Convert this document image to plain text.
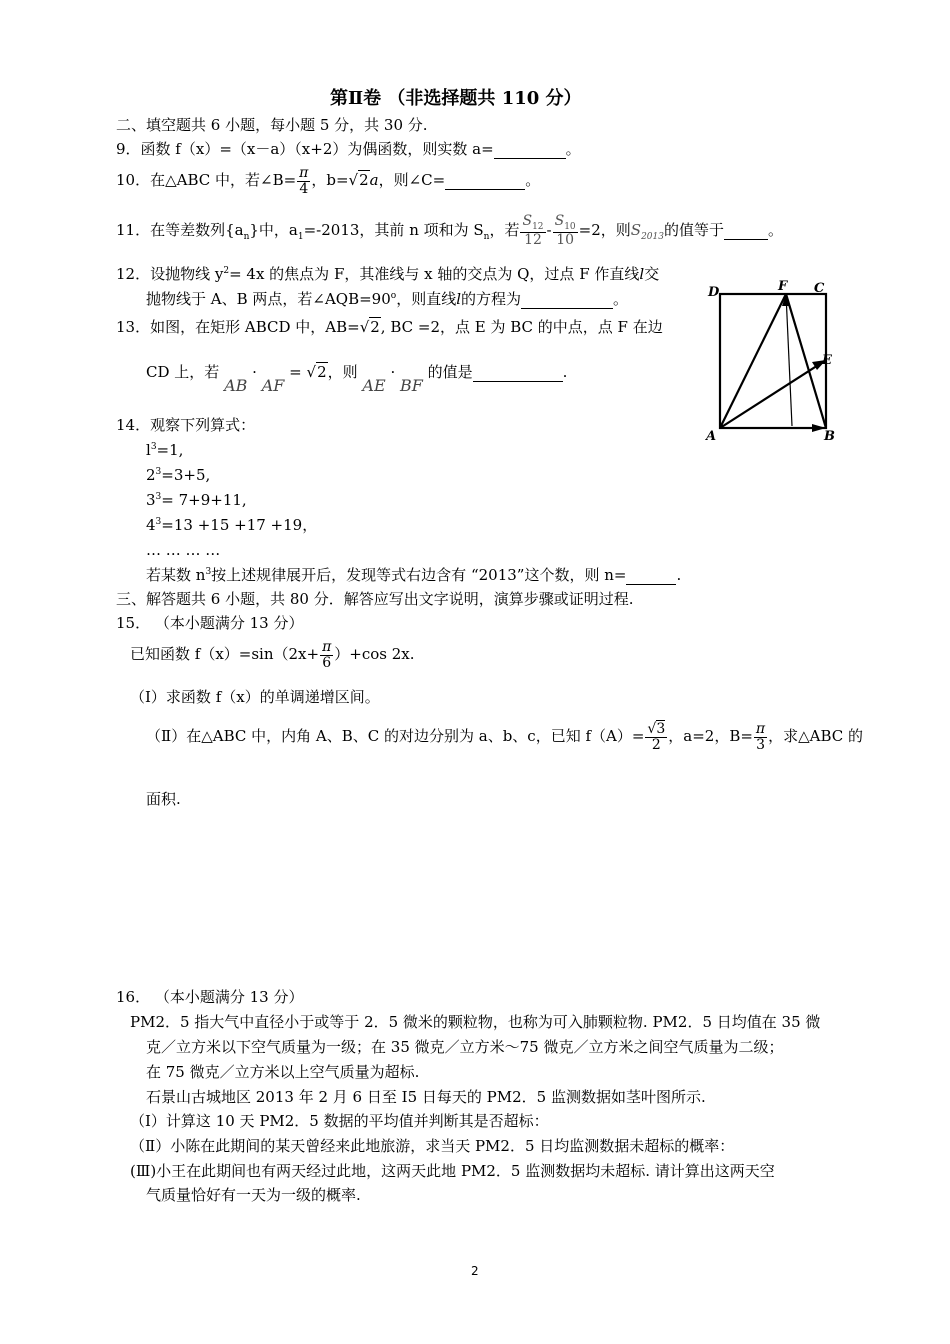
第Ⅱ卷 （非选择题共 110 分）
二、填空题共 6 小题，每小题 5 分，共 30 分.
9．函数 f（x）=（x－a）（x+2）为偶函数，则实数 a=	。
10．在△ABC 中，若∠B= $\frac{\pi}{4}$ ，b=√2a，则∠C=	。
11．在等差数列$\{a_n\}$中，$a_1=-2013$，其前 n 项和为 $S_n$，若 $\frac{S_{12}}{12} - \frac{S_{10}}{10} =2$，则$S_{2013}$的值等于	。
12．设抛物线 $y^2= 4x$ 的焦点为 F，其准线与 x 轴的交点为 Q，过点 F 作直线l交
抛物线于 A、B 两点，若$\angle AQB=90^o$，则直线l的方程为	。
13．如图，在矩形 ABCD 中，AB=√2, BC =2，点 E 为 BC 的中点，点 F 在边
CD 上，若 AB · AF = √2，则 AE · BF 的值是	.
D	F C
E
A	B
14．观察下列算式：
$l^3=1$,
$2^3=3+5$,
$3^3= 7+9+11$,
$4^3=13 +15 +17 +19$，
… … … …
若某数 $n^3$按上述规律展开后，发现等式右边含有 “2013”这个数，则 n=	.
三、解答题共 6 小题，共 80 分．解答应写出文字说明，演算步骤或证明过程.
15． （本小题满分 13 分）
已知函数 $f(x)=\sin(2x+ \frac{\pi}{6} )+\cos$ 2x.
（Ⅰ）求函数 f（x）的单调递增区间。
（Ⅱ）在△ABC 中，内角 A、B、C 的对边分别为 a、b、c，已知 $f(A)= \frac{√3}{2}$ ，a=2，$B= \frac{\pi}{3}$ ，求△ABC 的
面积.
16． （本小题满分 13 分）
PM2．5 指大气中直径小于或等于 2．5 微米的颗粒物，也称为可入肺颗粒物. PM2．5 日均值在 35 微
克／立方米以下空气质量为一级；在 35 微克／立方米～75 微克／立方米之间空气质量为二级；
在 75 微克／立方米以上空气质量为超标.
石景山古城地区 2013 年 2 月 6 日至 I5 日每天的 PM2．5 监测数据如茎叶图所示.
（Ⅰ）计算这 10 天 PM2．5 数据的平均值并判断其是否超标：
（Ⅱ）小陈在此期间的某天曾经来此地旅游，求当天 PM2．5 日均监测数据未超标的概率：
(Ⅲ)小王在此期间也有两天经过此地，这两天此地 PM2．5 监测数据均未超标. 请计算出这两天空
气质量恰好有一天为一级的概率.
2
